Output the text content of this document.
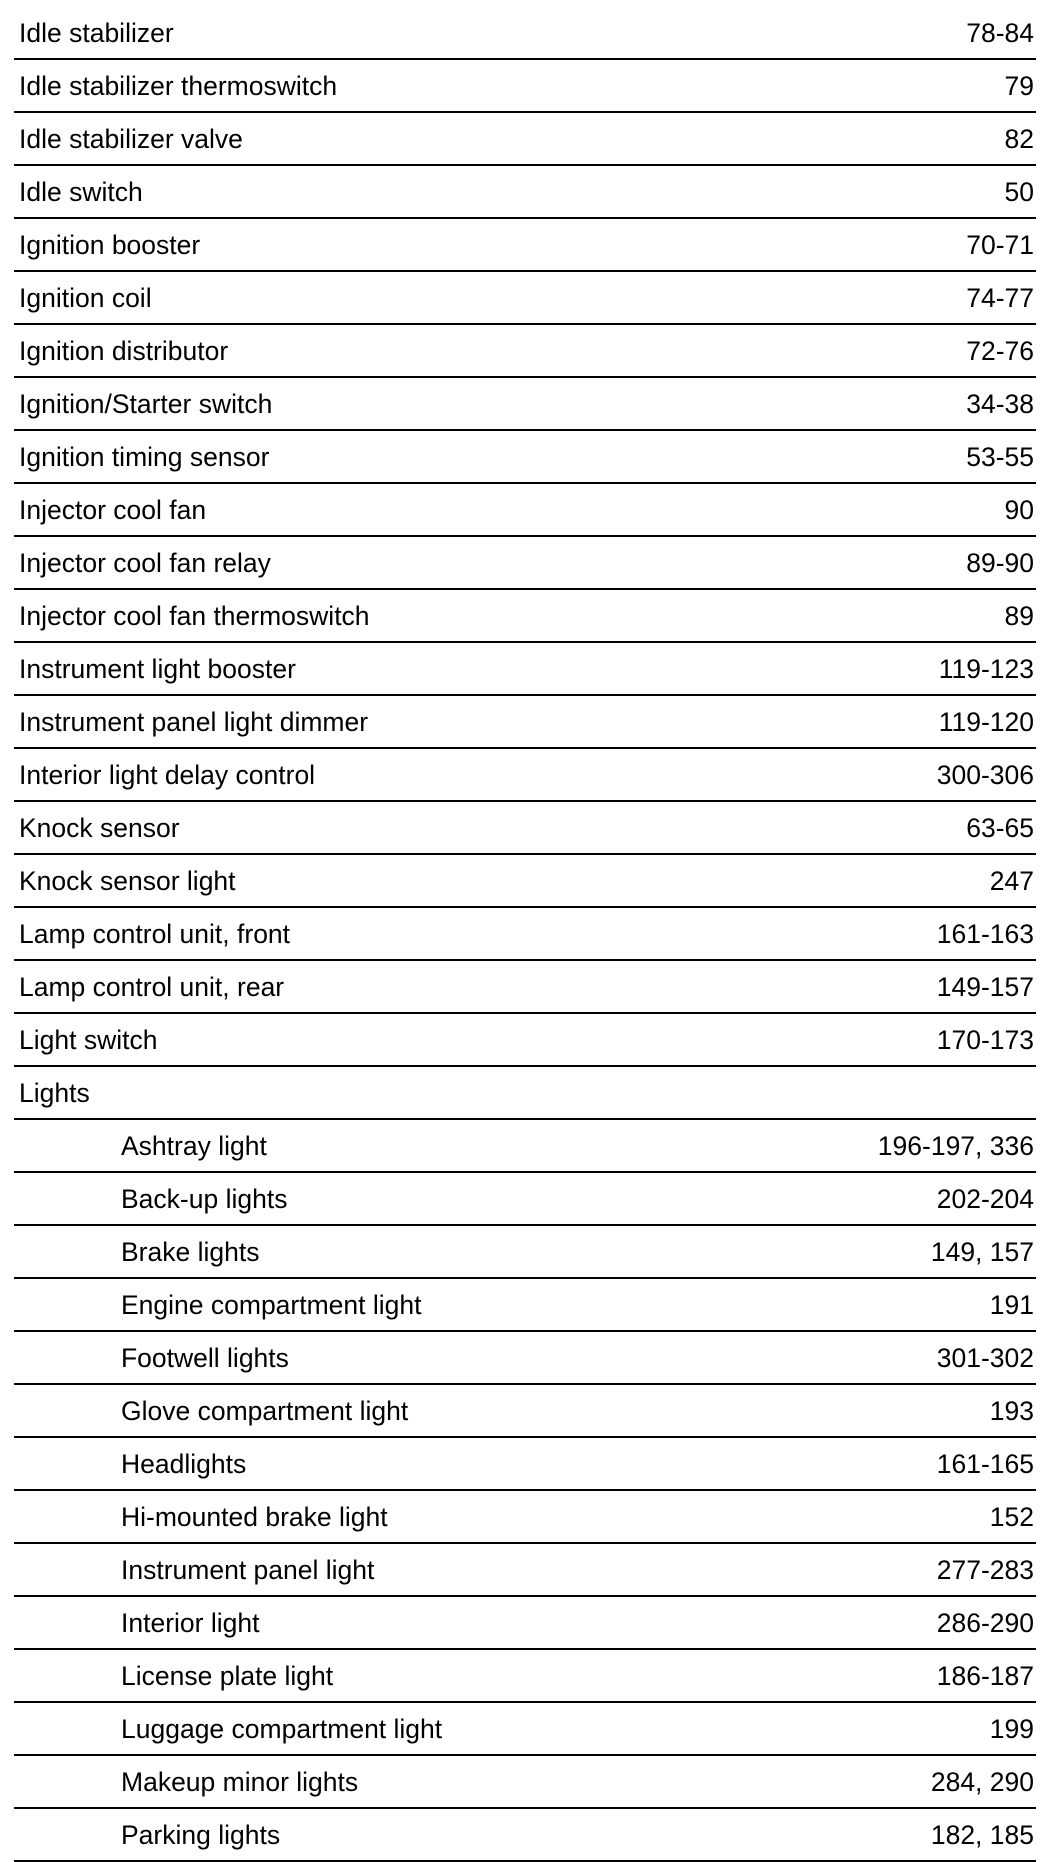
Idle stabilizer	78-84
Idle stabilizer thermoswitch	79
Idle stabilizer valve	82
Idle switch	50
Ignition booster	70-71
Ignition coil	74-77
Ignition distributor	72-76
Ignition/Starter switch	34-38
Ignition timing sensor	53-55
Injector cool fan	90
Injector cool fan relay	89-90
Injector cool fan thermoswitch	89
Instrument light booster	119-123
Instrument panel light dimmer	119-120
Interior light delay control	300-306
Knock sensor	63-65
Knock sensor light	247
Lamp control unit, front	161-163
Lamp control unit, rear	149-157
Light switch	170-173
Lights	
Ashtray light	196-197, 336
Back-up lights	202-204
Brake lights	149, 157
Engine compartment light	191
Footwell lights	301-302
Glove compartment light	193
Headlights	161-165
Hi-mounted brake light	152
Instrument panel light	277-283
Interior light	286-290
License plate light	186-187
Luggage compartment light	199
Makeup minor lights	284, 290
Parking lights	182, 185
